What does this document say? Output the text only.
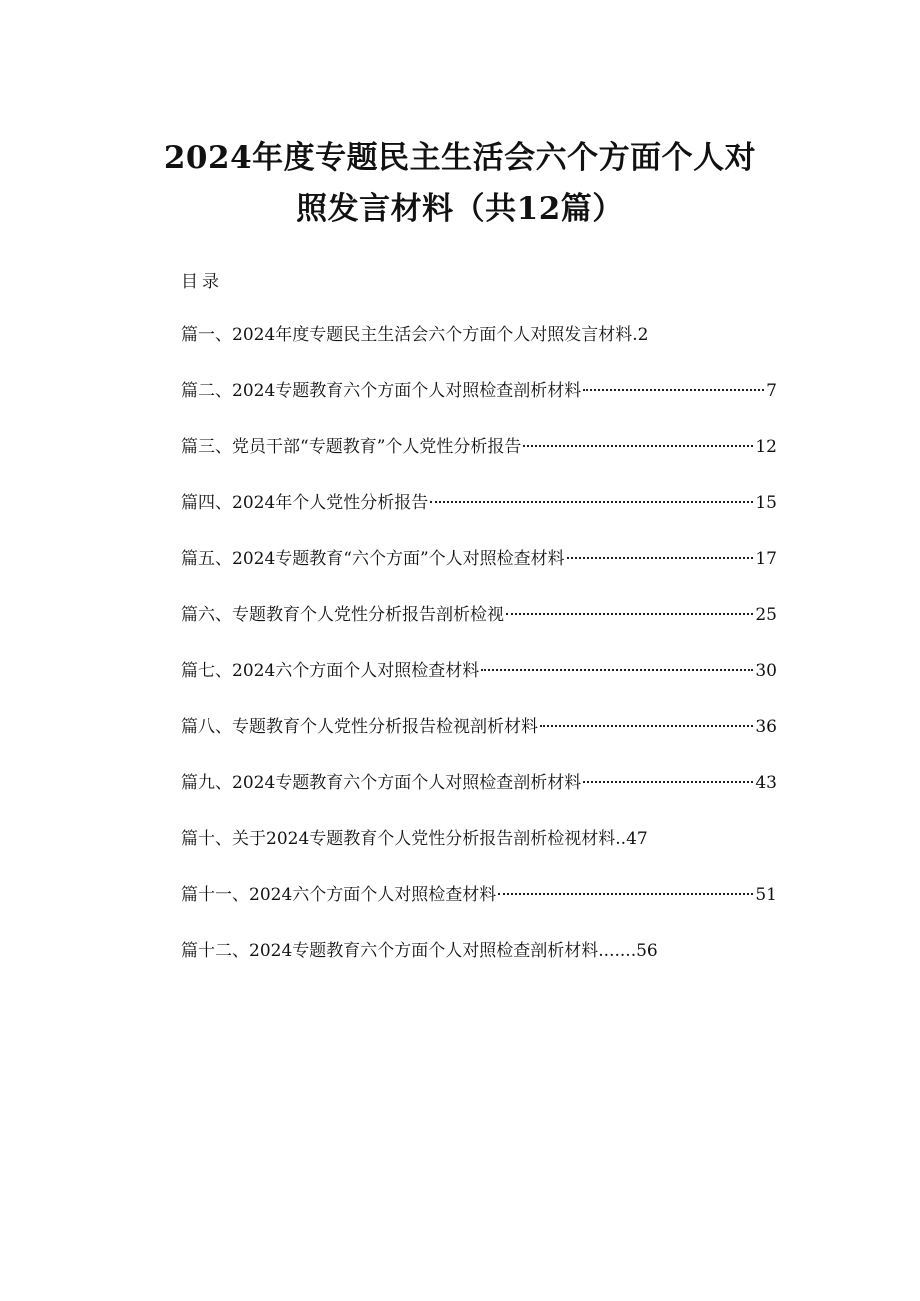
2024年度专题民主生活会六个方面个人对
照发言材料（共12篇）
目录
篇一、2024年度专题民主生活会六个方面个人对照发言材料 . 2
篇二、2024专题教育六个方面个人对照检查剖析材料	7
篇三、党员干部“专题教育”个人党性分析报告	12
篇四、2024年个人党性分析报告	15
篇五、2024专题教育“六个方面”个人对照检查材料	17
篇六、专题教育个人党性分析报告剖析检视	25
篇七、2024六个方面个人对照检查材料	30
篇八、专题教育个人党性分析报告检视剖析材料	36
篇九、2024专题教育六个方面个人对照检查剖析材料	43
篇十、关于2024专题教育个人党性分析报告剖析检视材料 .. 47
篇十一、2024六个方面个人对照检查材料	51
篇十二、2024专题教育六个方面个人对照检查剖析材料 ....... 56
